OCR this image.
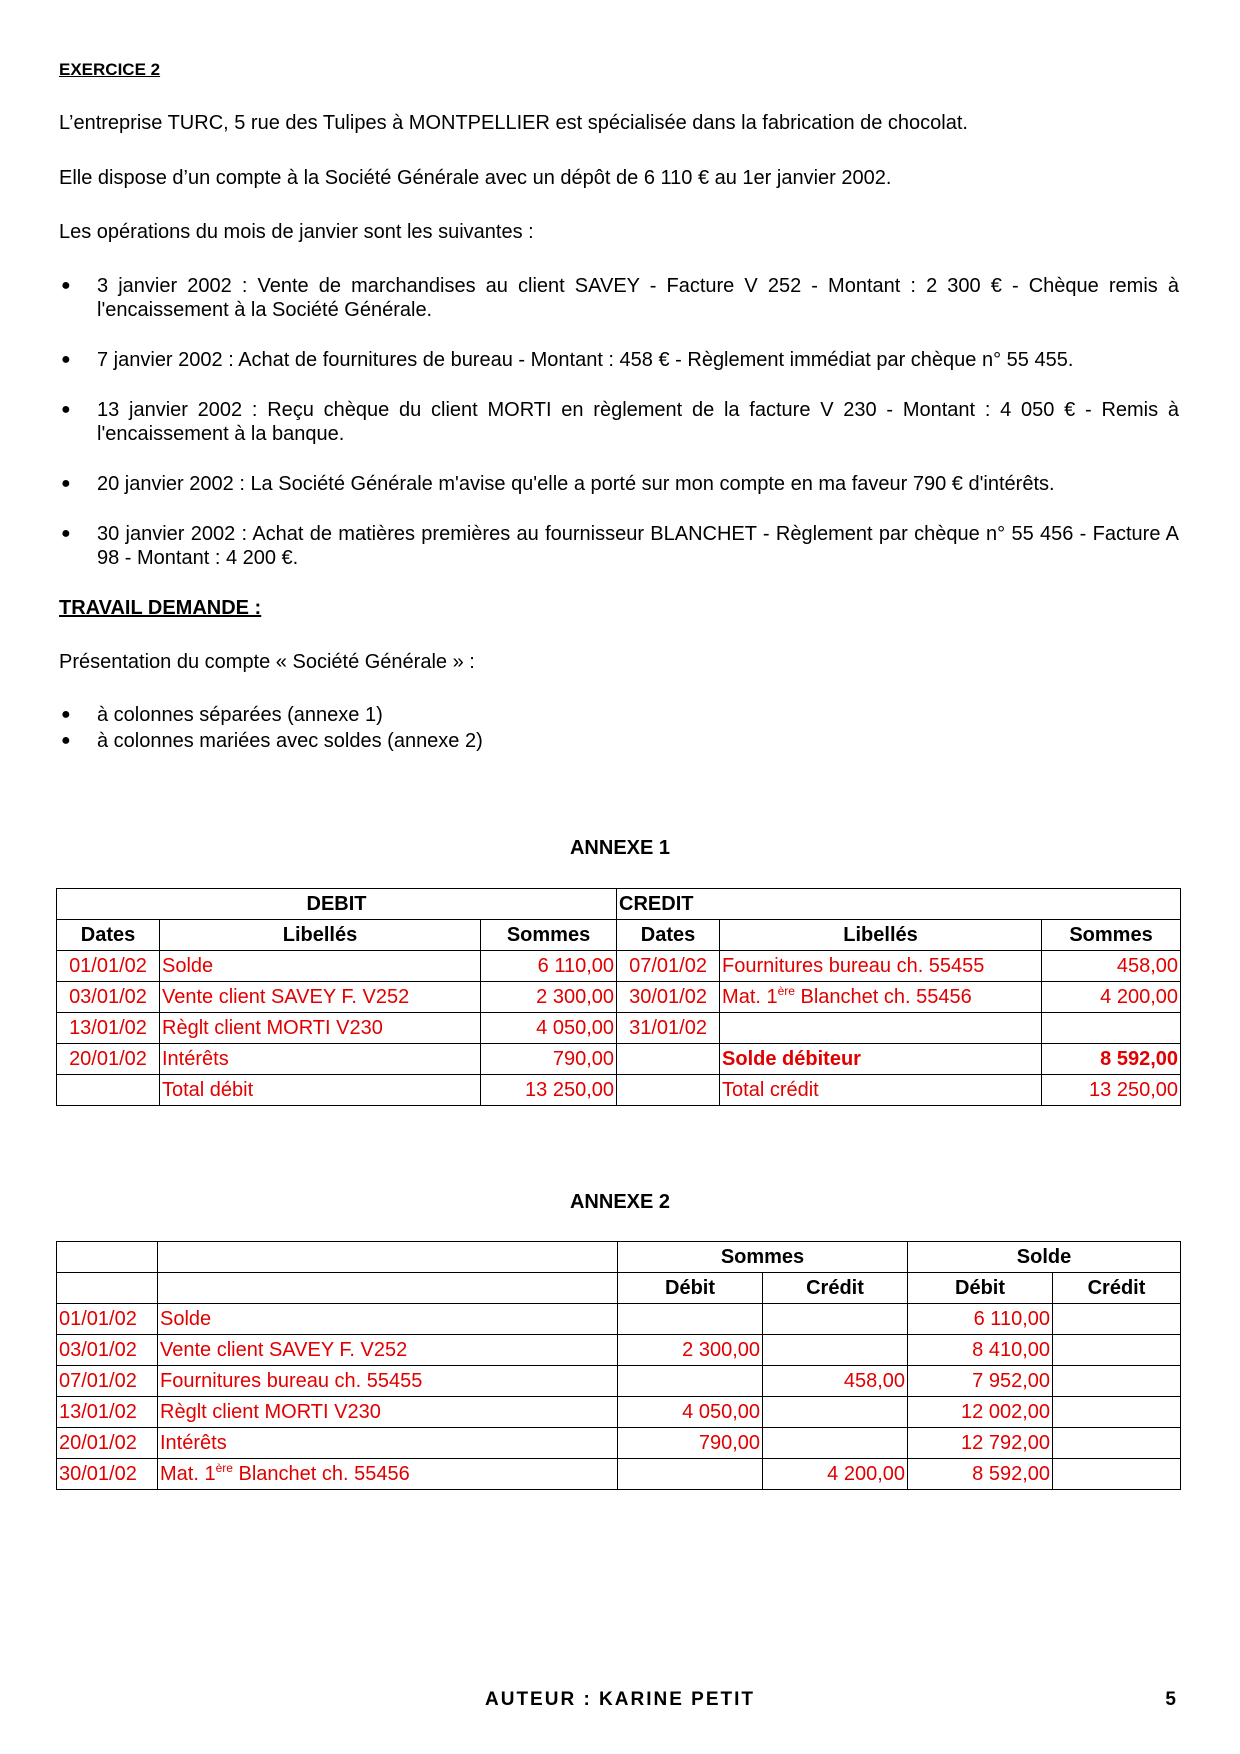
EXERCICE 2
L’entreprise TURC, 5 rue des Tulipes à MONTPELLIER est spécialisée dans la fabrication de chocolat.
Elle dispose d’un compte à la Société Générale avec un dépôt de 6 110 € au 1er janvier 2002.
Les opérations du mois de janvier sont les suivantes :
● 3 janvier 2002 : Vente de marchandises au client SAVEY - Facture V 252 - Montant : 2 300 € - Chèque remis à l'encaissement à la Société Générale.
● 7 janvier 2002 : Achat de fournitures de bureau - Montant : 458 € - Règlement immédiat par chèque n° 55 455.
● 13 janvier 2002 : Reçu chèque du client MORTI en règlement de la facture V 230 - Montant : 4 050 € - Remis à l'encaissement à la banque.
● 20 janvier 2002 : La Société Générale m'avise qu'elle a porté sur mon compte en ma faveur 790 € d'intérêts.
● 30 janvier 2002 : Achat de matières premières au fournisseur BLANCHET - Règlement par chèque n° 55 456 - Facture A 98 - Montant : 4 200 €.
TRAVAIL DEMANDE :
Présentation du compte « Société Générale » :
● à colonnes séparées (annexe 1)
● à colonnes mariées avec soldes (annexe 2)
ANNEXE 1
DEBIT			CREDIT		
Dates	Libellés	Sommes	Dates	Libellés	Sommes
01/01/02	Solde	6 110,00	07/01/02	Fournitures bureau ch. 55455	458,00
03/01/02	Vente client SAVEY F. V252	2 300,00	30/01/02	Mat. 1ère Blanchet ch. 55456	4 200,00
13/01/02	Règlt client MORTI V230	4 050,00	31/01/02		
20/01/02	Intérêts	790,00		Solde débiteur	8 592,00
	Total débit	13 250,00		Total crédit	13 250,00
ANNEXE 2
		Sommes		Solde	
		Débit	Crédit	Débit	Crédit
01/01/02	Solde			6 110,00	
03/01/02	Vente client SAVEY F. V252	2 300,00		8 410,00	
07/01/02	Fournitures bureau ch. 55455		458,00	7 952,00	
13/01/02	Règlt client MORTI V230	4 050,00		12 002,00	
20/01/02	Intérêts	790,00		12 792,00	
30/01/02	Mat. 1ère Blanchet ch. 55456		4 200,00	8 592,00	
AUTEUR : KARINE PETIT	5
